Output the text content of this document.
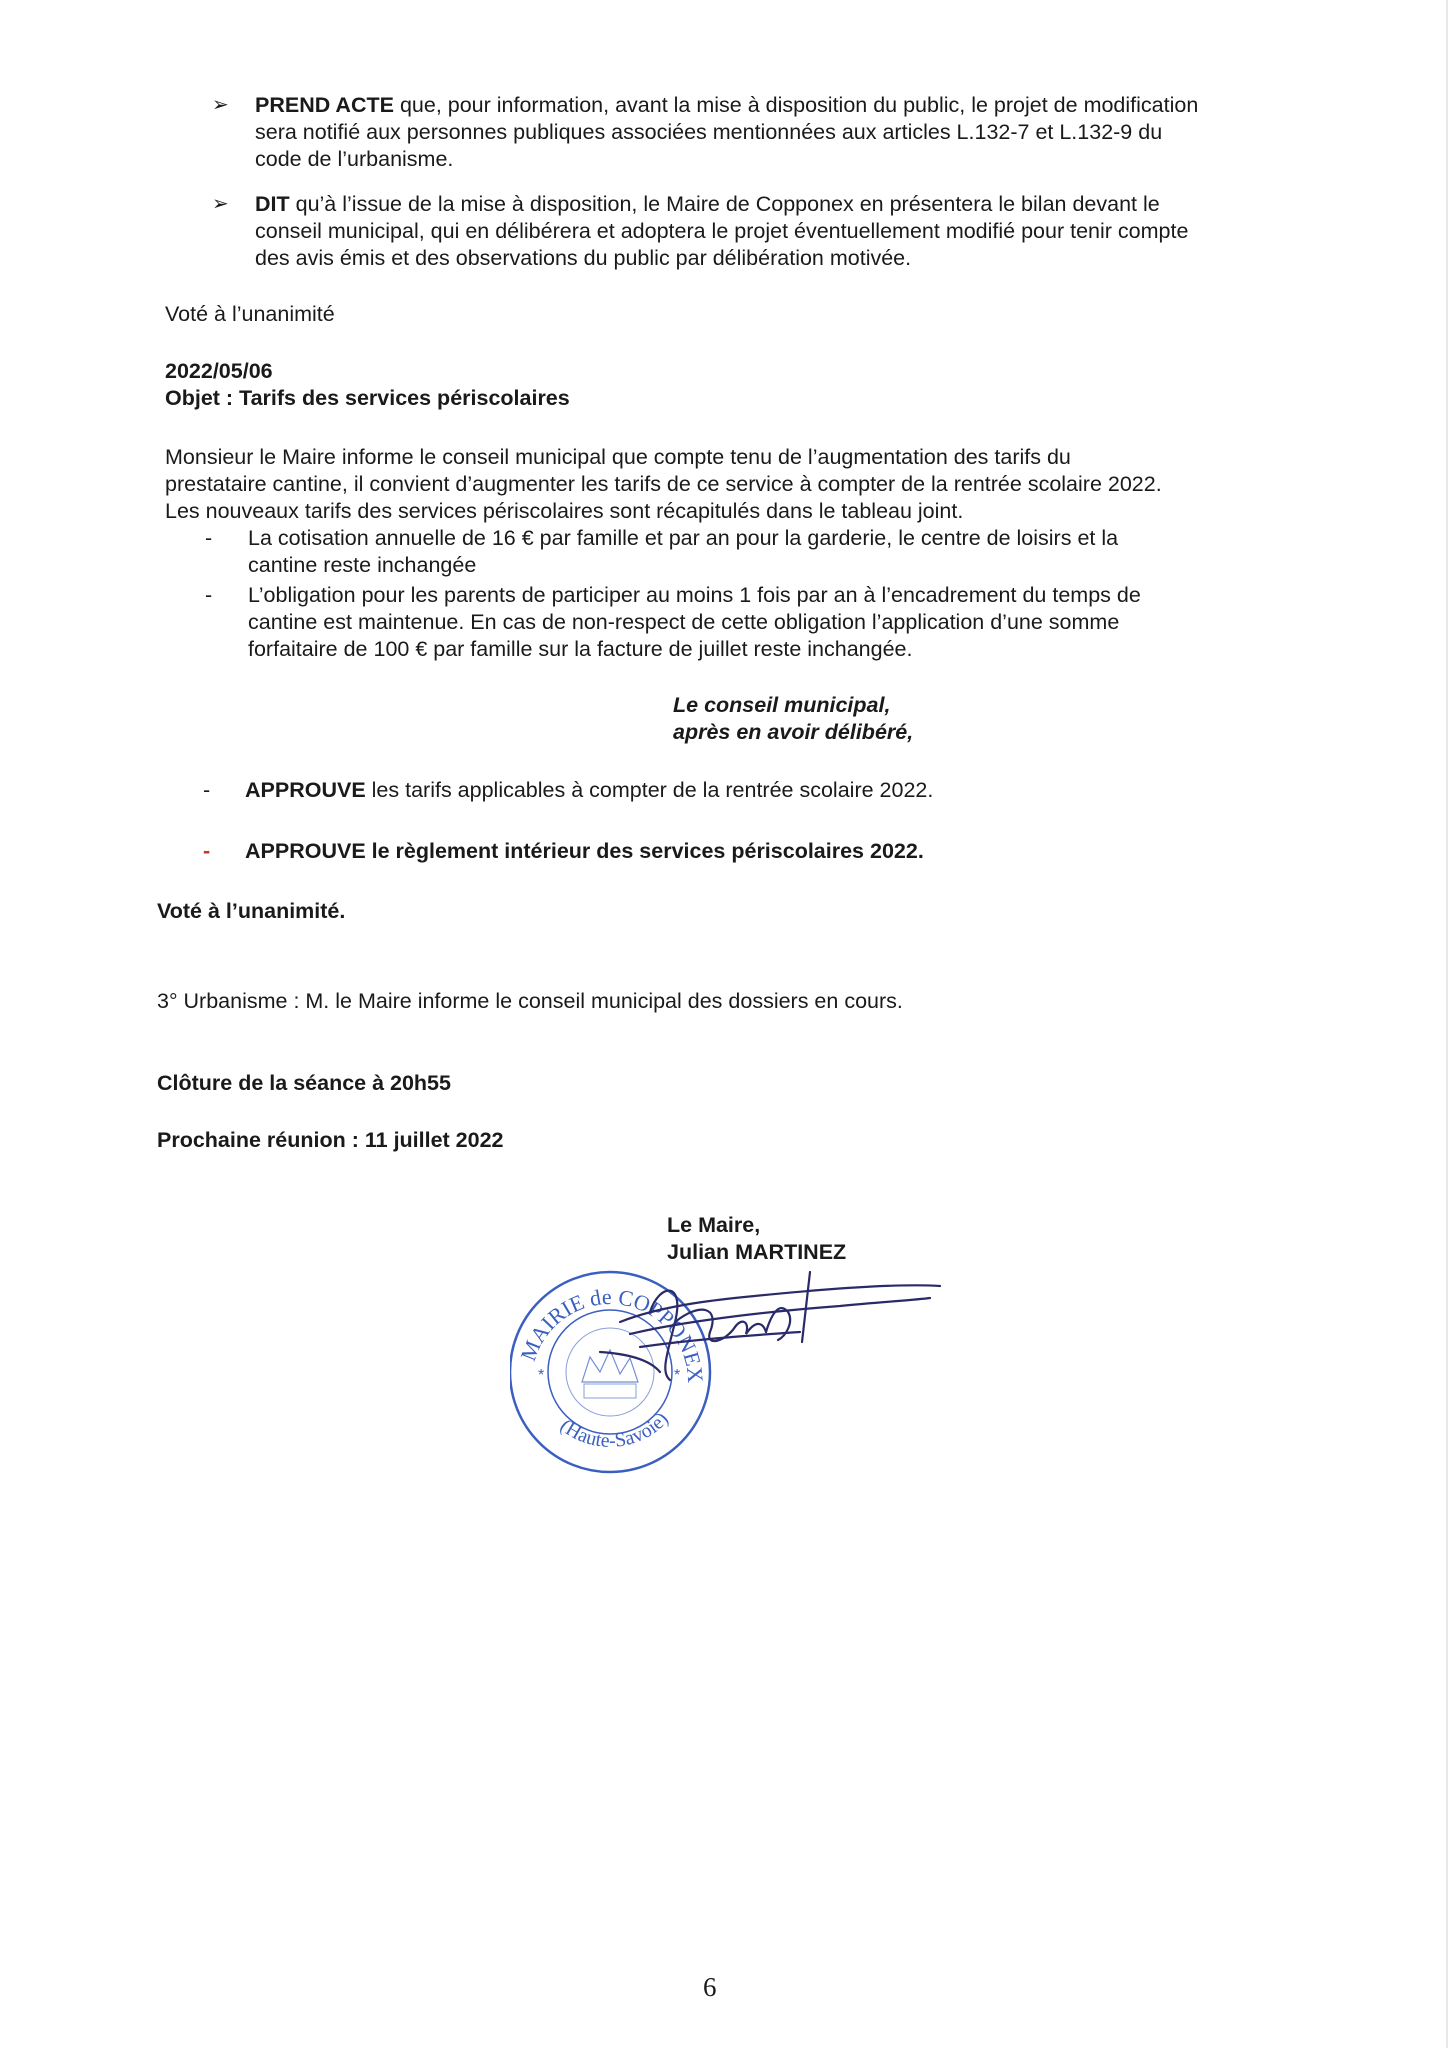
➢ PREND ACTE que, pour information, avant la mise à disposition du public, le projet de modification
sera notifié aux personnes publiques associées mentionnées aux articles L.132-7 et L.132-9 du
code de l’urbanisme.

➢ DIT qu’à l’issue de la mise à disposition, le Maire de Copponex en présentera le bilan devant le
conseil municipal, qui en délibérera et adoptera le projet éventuellement modifié pour tenir compte
des avis émis et des observations du public par délibération motivée.

Voté à l’unanimité

2022/05/06

Objet : Tarifs des services périscolaires

Monsieur le Maire informe le conseil municipal que compte tenu de l’augmentation des tarifs du
prestataire cantine, il convient d’augmenter les tarifs de ce service à compter de la rentrée scolaire 2022.
Les nouveaux tarifs des services périscolaires sont récapitulés dans le tableau joint.

- La cotisation annuelle de 16 € par famille et par an pour la garderie, le centre de loisirs et la
cantine reste inchangée

- L’obligation pour les parents de participer au moins 1 fois par an à l’encadrement du temps de
cantine est maintenue. En cas de non-respect de cette obligation l’application d’une somme
forfaitaire de 100 € par famille sur la facture de juillet reste inchangée.

Le conseil municipal,
après en avoir délibéré,

- APPROUVE les tarifs applicables à compter de la rentrée scolaire 2022.

- APPROUVE le règlement intérieur des services périscolaires 2022.

Voté à l’unanimité.

3° Urbanisme : M. le Maire informe le conseil municipal des dossiers en cours.

Clôture de la séance à 20h55

Prochaine réunion : 11 juillet 2022

Le Maire,
Julian MARTINEZ

*	*
MAIRIE de COPPONEX
(Haute-Savoie)
6
